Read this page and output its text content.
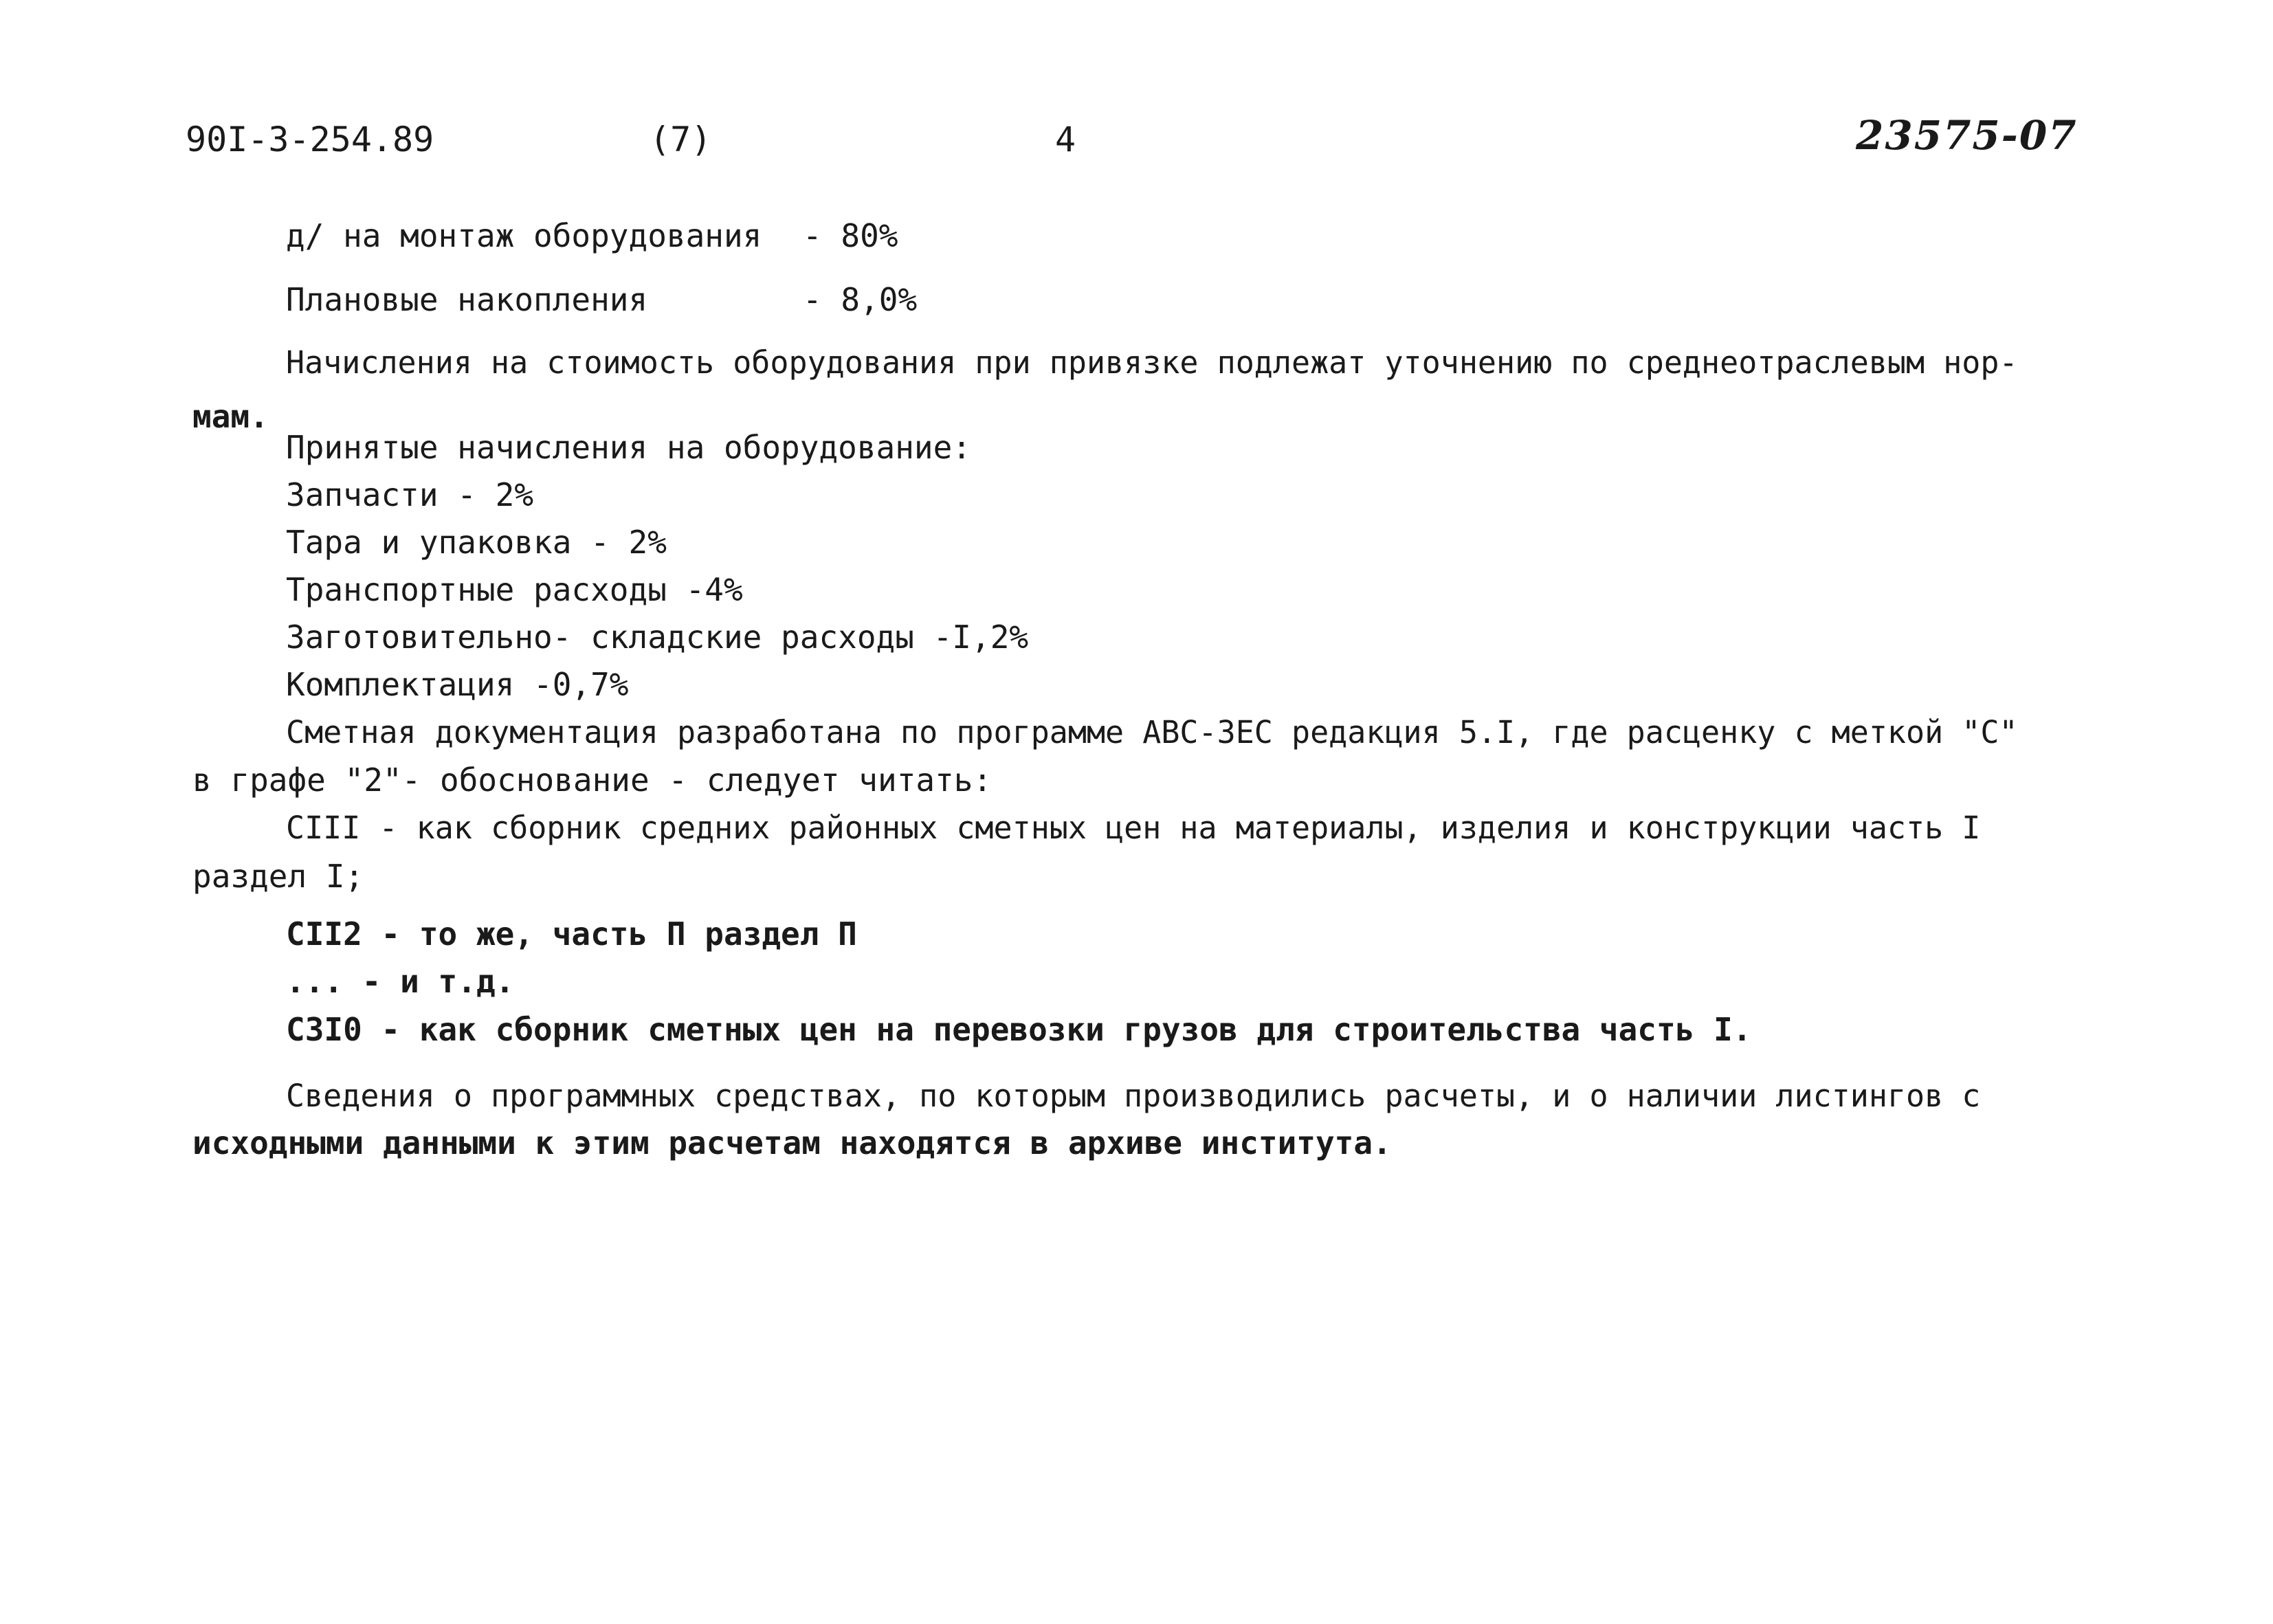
90I-3-254.89	(7)	4	23575-07
д/ на монтаж оборудования - 80%
Плановые накопления	- 8,0%
Начисления на стоимость оборудования при привязке подлежат уточнению по среднеотраслевым нор-
мам.
Принятые начисления на оборудование:
Запчасти - 2%
Тара и упаковка - 2%
Транспортные расходы -4%
Заготовительно- складские расходы -I,2%
Комплектация -0,7%
Сметная документация разработана по программе АВС-3ЕС редакция 5.I, где расценку с меткой "С"
в графе "2"- обоснование - следует читать:
CIII - как сборник средних районных сметных цен на материалы, изделия и конструкции часть I
раздел I;
CII2 - то же, часть П раздел П
... - и т.д.
С3I0 - как сборник сметных цен на перевозки грузов для строительства часть I.
Сведения о программных средствах, по которым производились расчеты, и о наличии листингов с
исходными данными к этим расчетам находятся в архиве института.
